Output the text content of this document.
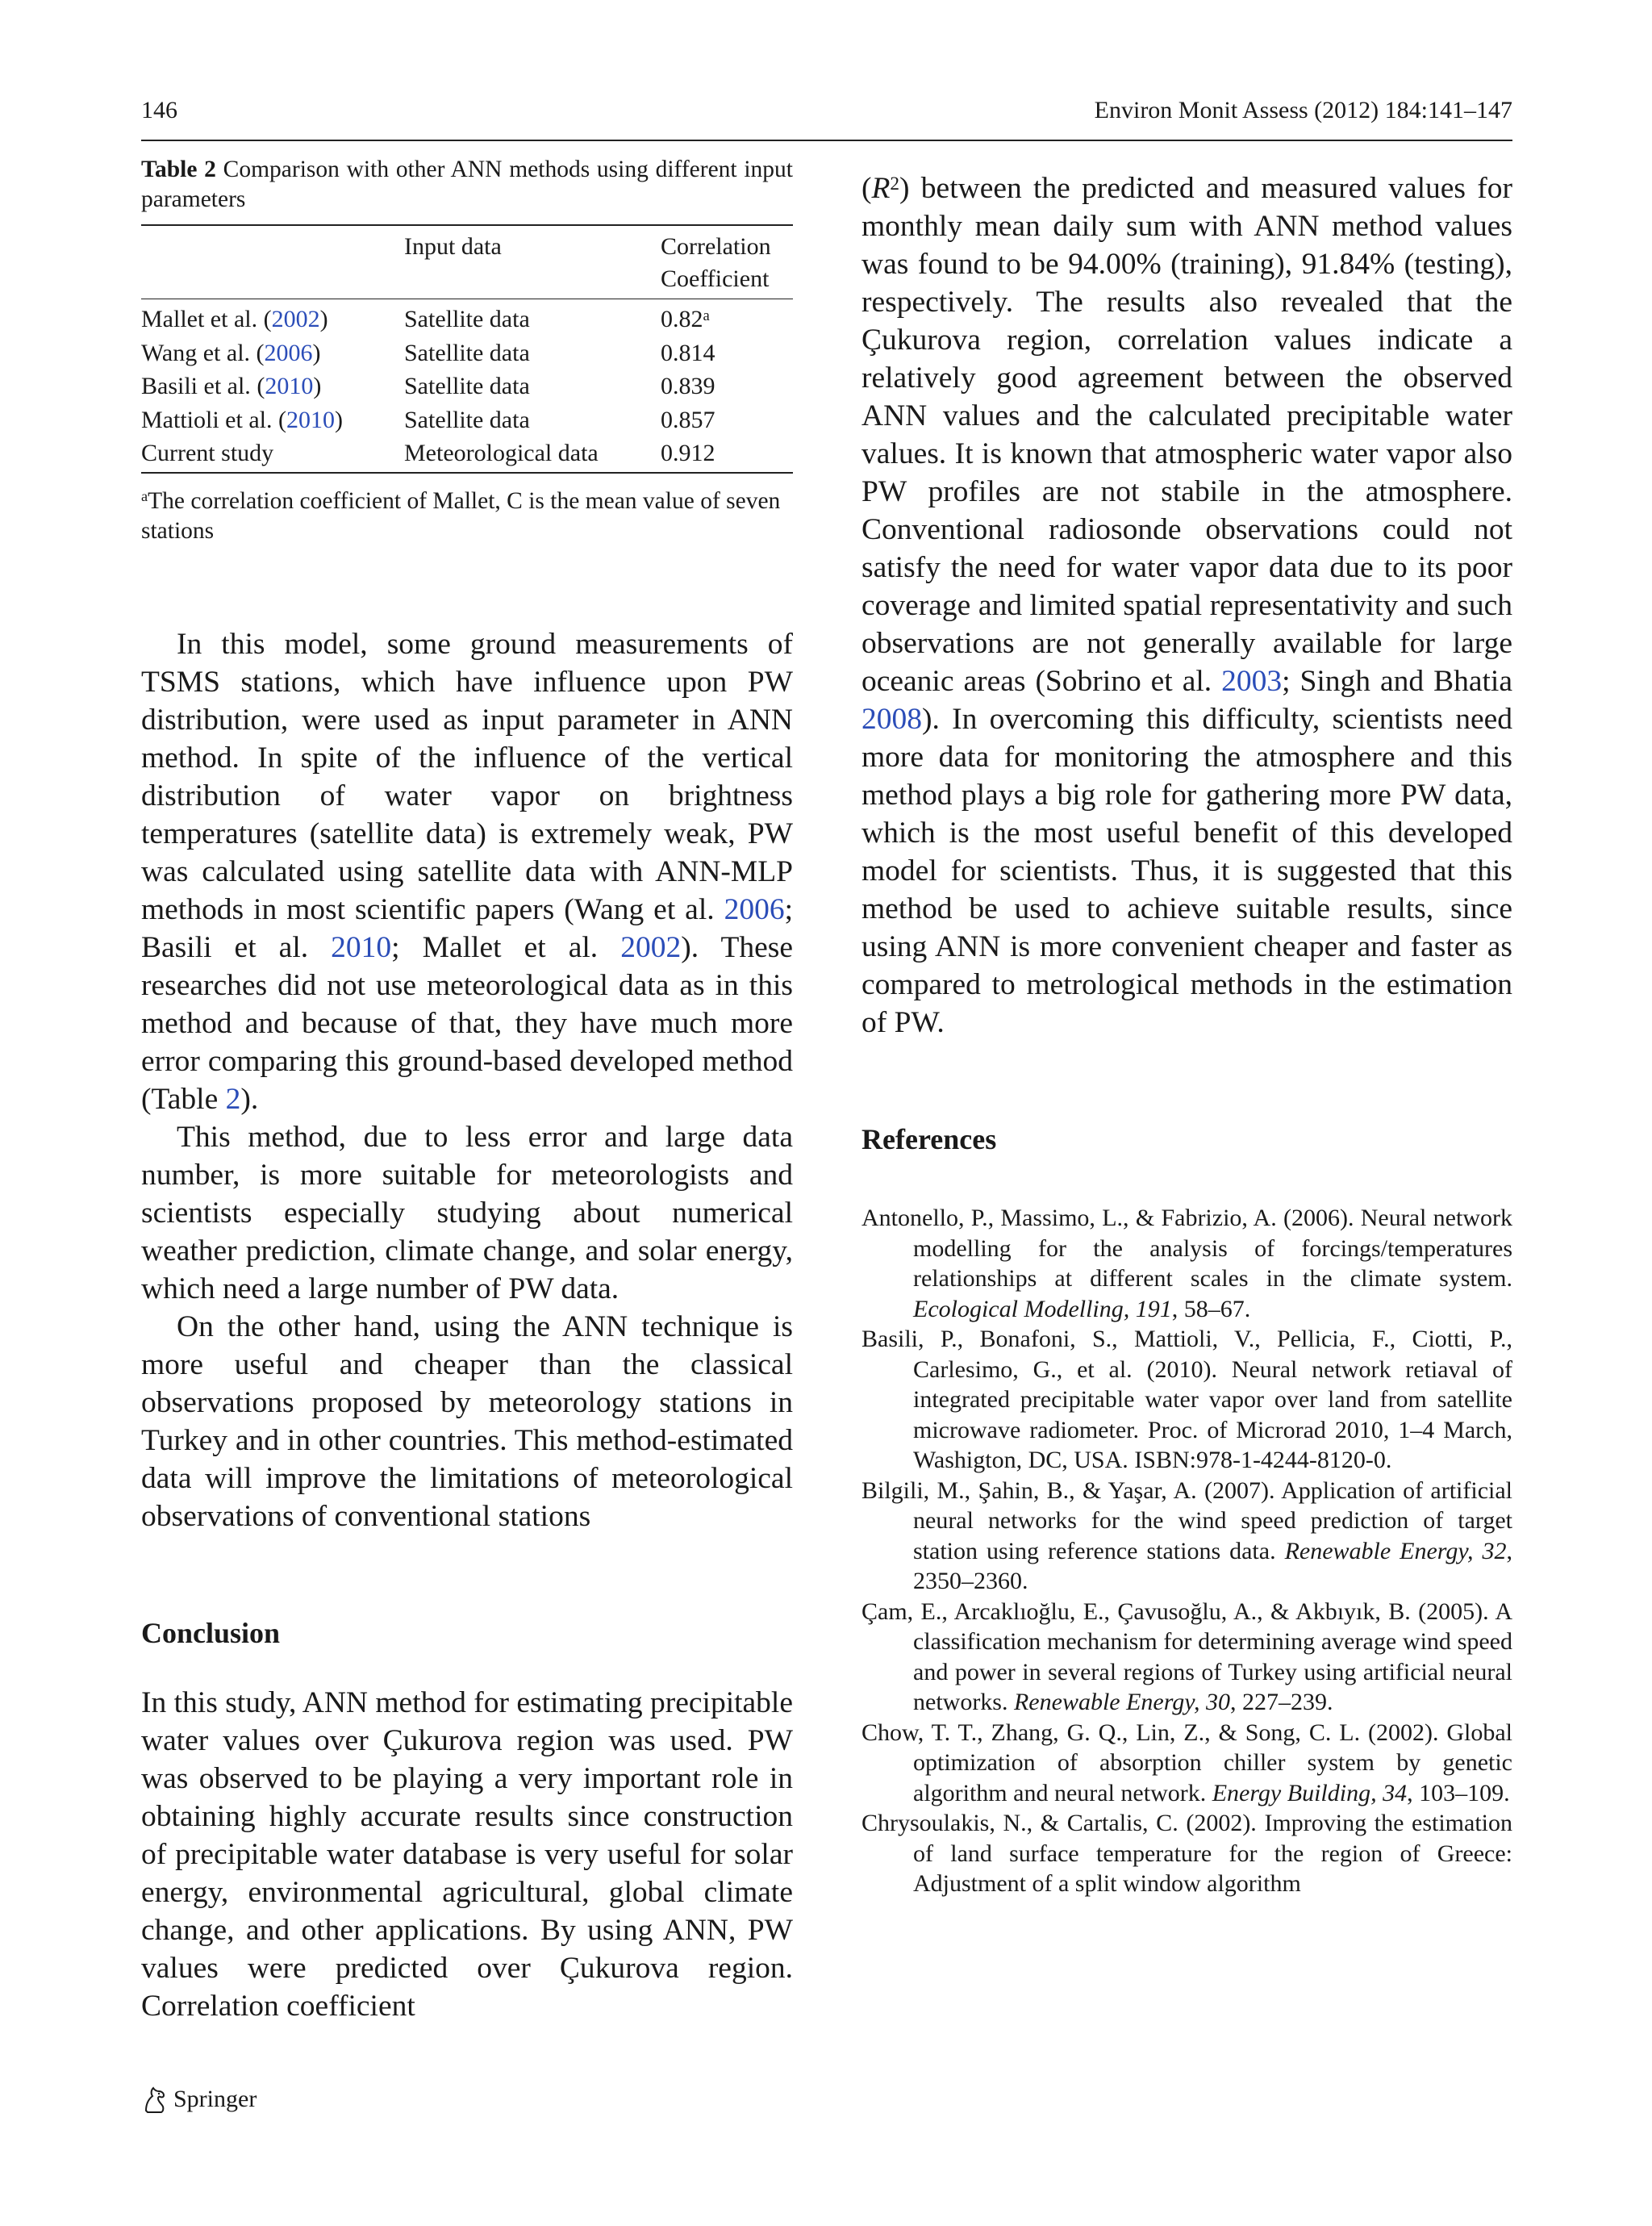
146	Environ Monit Assess (2012) 184:141–147
Table 2 Comparison with other ANN methods using different input parameters
	Input data	Correlation Coefficient
Mallet et al. (2002)	Satellite data	0.82$^a$
Wang et al. (2006)	Satellite data	0.814
Basili et al. (2010)	Satellite data	0.839
Mattioli et al. (2010)	Satellite data	0.857
Current study	Meteorological data	0.912
$^a$The correlation coefficient of Mallet, C is the mean value of seven stations

In this model, some ground measurements of TSMS stations, which have influence upon PW distribution, were used as input parameter in ANN method. In spite of the influence of the vertical distribution of water vapor on brightness temperatures (satellite data) is extremely weak, PW was calculated using satellite data with ANN-MLP methods in most scientific papers (Wang et al. 2006; Basili et al. 2010; Mallet et al. 2002). These researches did not use meteorological data as in this method and because of that, they have much more error comparing this ground-based developed method (Table 2).

This method, due to less error and large data number, is more suitable for meteorologists and scientists especially studying about numerical weather prediction, climate change, and solar energy, which need a large number of PW data.

On the other hand, using the ANN technique is more useful and cheaper than the classical observations proposed by meteorology stations in Turkey and in other countries. This method-estimated data will improve the limitations of meteorological observations of conventional stations

Conclusion

In this study, ANN method for estimating precipitable water values over Çukurova region was used. PW was observed to be playing a very important role in obtaining highly accurate results since construction of precipitable water database is very useful for solar energy, environmental agricultural, global climate change, and other applications. By using ANN, PW values were predicted over Çukurova region. Correlation coefficient

$(R^2)$ between the predicted and measured values for monthly mean daily sum with ANN method values was found to be 94.00% (training), 91.84% (testing), respectively. The results also revealed that the Çukurova region, correlation values indicate a relatively good agreement between the observed ANN values and the calculated precipitable water values. It is known that atmospheric water vapor also PW profiles are not stabile in the atmosphere. Conventional radiosonde observations could not satisfy the need for water vapor data due to its poor coverage and limited spatial representativity and such observations are not generally available for large oceanic areas (Sobrino et al. 2003; Singh and Bhatia 2008). In overcoming this difficulty, scientists need more data for monitoring the atmosphere and this method plays a big role for gathering more PW data, which is the most useful benefit of this developed model for scientists. Thus, it is suggested that this method be used to achieve suitable results, since using ANN is more convenient cheaper and faster as compared to metrological methods in the estimation of PW.

References

Antonello, P., Massimo, L., & Fabrizio, A. (2006). Neural network modelling for the analysis of forcings/temperatures relationships at different scales in the climate system. Ecological Modelling, 191, 58–67.

Basili, P., Bonafoni, S., Mattioli, V., Pellicia, F., Ciotti, P., Carlesimo, G., et al. (2010). Neural network retiaval of integrated precipitable water vapor over land from satellite microwave radiometer. Proc. of Microrad 2010, 1–4 March, Washigton, DC, USA. ISBN:978-1-4244-8120-0.

Bilgili, M., Şahin, B., & Yaşar, A. (2007). Application of artificial neural networks for the wind speed prediction of target station using reference stations data. Renewable Energy, 32, 2350–2360.

Çam, E., Arcaklıoğlu, E., Çavusoğlu, A., & Akbıyık, B. (2005). A classification mechanism for determining average wind speed and power in several regions of Turkey using artificial neural networks. Renewable Energy, 30, 227–239.

Chow, T. T., Zhang, G. Q., Lin, Z., & Song, C. L. (2002). Global optimization of absorption chiller system by genetic algorithm and neural network. Energy Building, 34, 103–109.

Chrysoulakis, N., & Cartalis, C. (2002). Improving the estimation of land surface temperature for the region of Greece: Adjustment of a split window algorithm

Springer
